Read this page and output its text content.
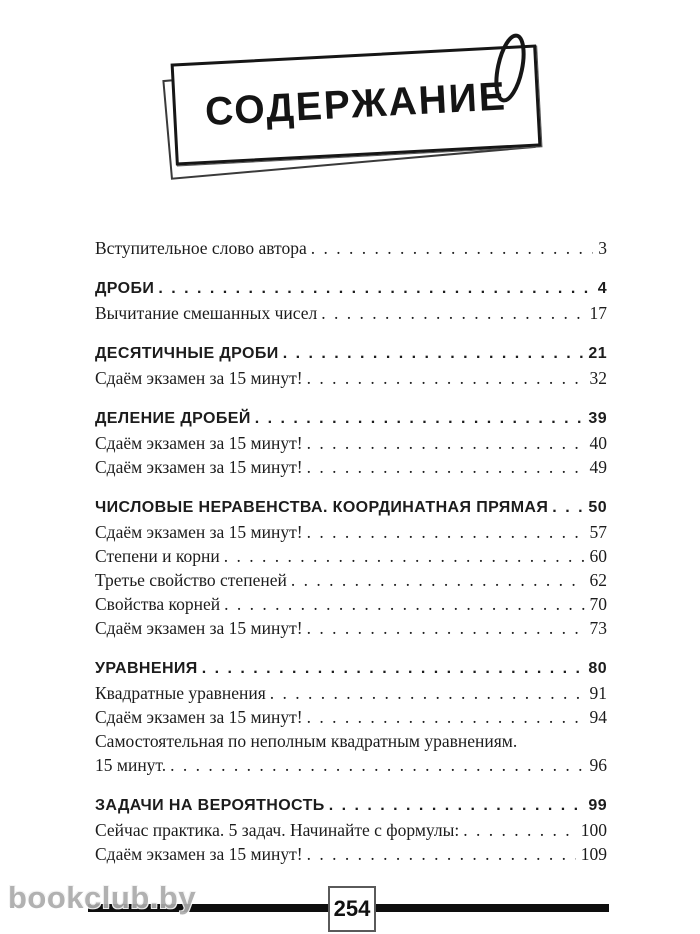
СОДЕРЖАНИЕ
Вступительное слово автора . . .	3
ДРОБИ . . .	4
Вычитание смешанных чисел . . .	17
ДЕСЯТИЧНЫЕ ДРОБИ . . .	21
Сдаём экзамен за 15 минут! . . .	32
ДЕЛЕНИЕ ДРОБЕЙ . . .	39
Сдаём экзамен за 15 минут! . . .	40
Сдаём экзамен за 15 минут! . . .	49
ЧИСЛОВЫЕ НЕРАВЕНСТВА. КООРДИНАТНАЯ ПРЯМАЯ . . .	50
Сдаём экзамен за 15 минут! . . .	57
Степени и корни . . .	60
Третье свойство степеней . . .	62
Свойства корней . . .	70
Сдаём экзамен за 15 минут! . . .	73
УРАВНЕНИЯ . . .	80
Квадратные уравнения . . .	91
Сдаём экзамен за 15 минут! . . .	94
Самостоятельная по неполным квадратным уравнениям.
15 минут. . . .	96
ЗАДАЧИ НА ВЕРОЯТНОСТЬ . . .	99
Сейчас практика. 5 задач. Начинайте с формулы: . . .	100
Сдаём экзамен за 15 минут! . . .	109
254
bookclub.by
